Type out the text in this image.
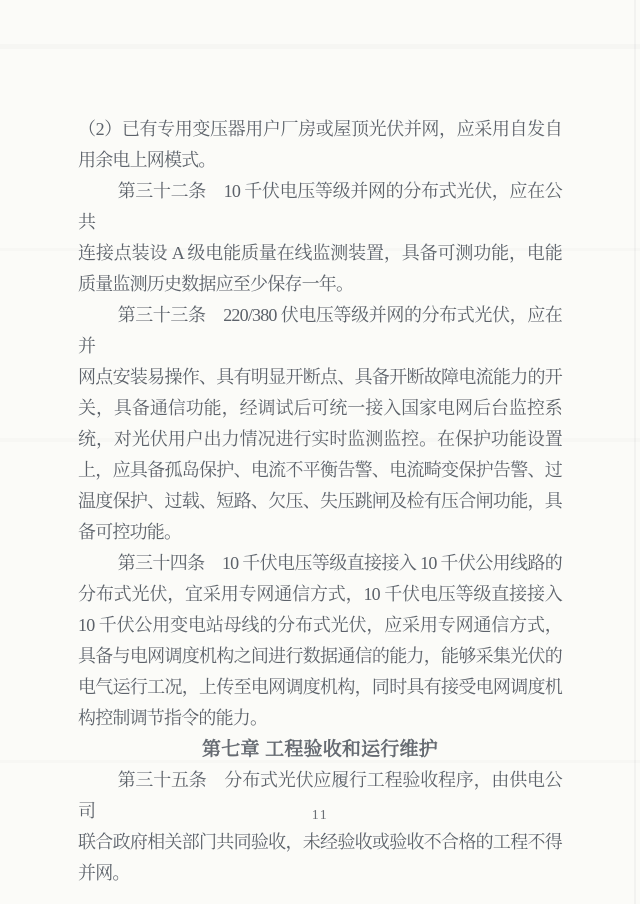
（2）已有专用变压器用户厂房或屋顶光伏并网，应采用自发自
用余电上网模式。
第三十二条　10 千伏电压等级并网的分布式光伏，应在公共
连接点装设 A 级电能质量在线监测装置，具备可测功能，电能
质量监测历史数据应至少保存一年。
第三十三条　220/380 伏电压等级并网的分布式光伏，应在并
网点安装易操作、具有明显开断点、具备开断故障电流能力的开
关，具备通信功能，经调试后可统一接入国家电网后台监控系
统，对光伏用户出力情况进行实时监测监控。在保护功能设置
上，应具备孤岛保护、电流不平衡告警、电流畸变保护告警、过
温度保护、过载、短路、欠压、失压跳闸及检有压合闸功能，具
备可控功能。
第三十四条　10 千伏电压等级直接接入 10 千伏公用线路的
分布式光伏，宜采用专网通信方式，10 千伏电压等级直接接入
10 千伏公用变电站母线的分布式光伏，应采用专网通信方式，
具备与电网调度机构之间进行数据通信的能力，能够采集光伏的
电气运行工况，上传至电网调度机构，同时具有接受电网调度机
构控制调节指令的能力。
第七章 工程验收和运行维护
第三十五条　分布式光伏应履行工程验收程序，由供电公司
联合政府相关部门共同验收，未经验收或验收不合格的工程不得
并网。
11
